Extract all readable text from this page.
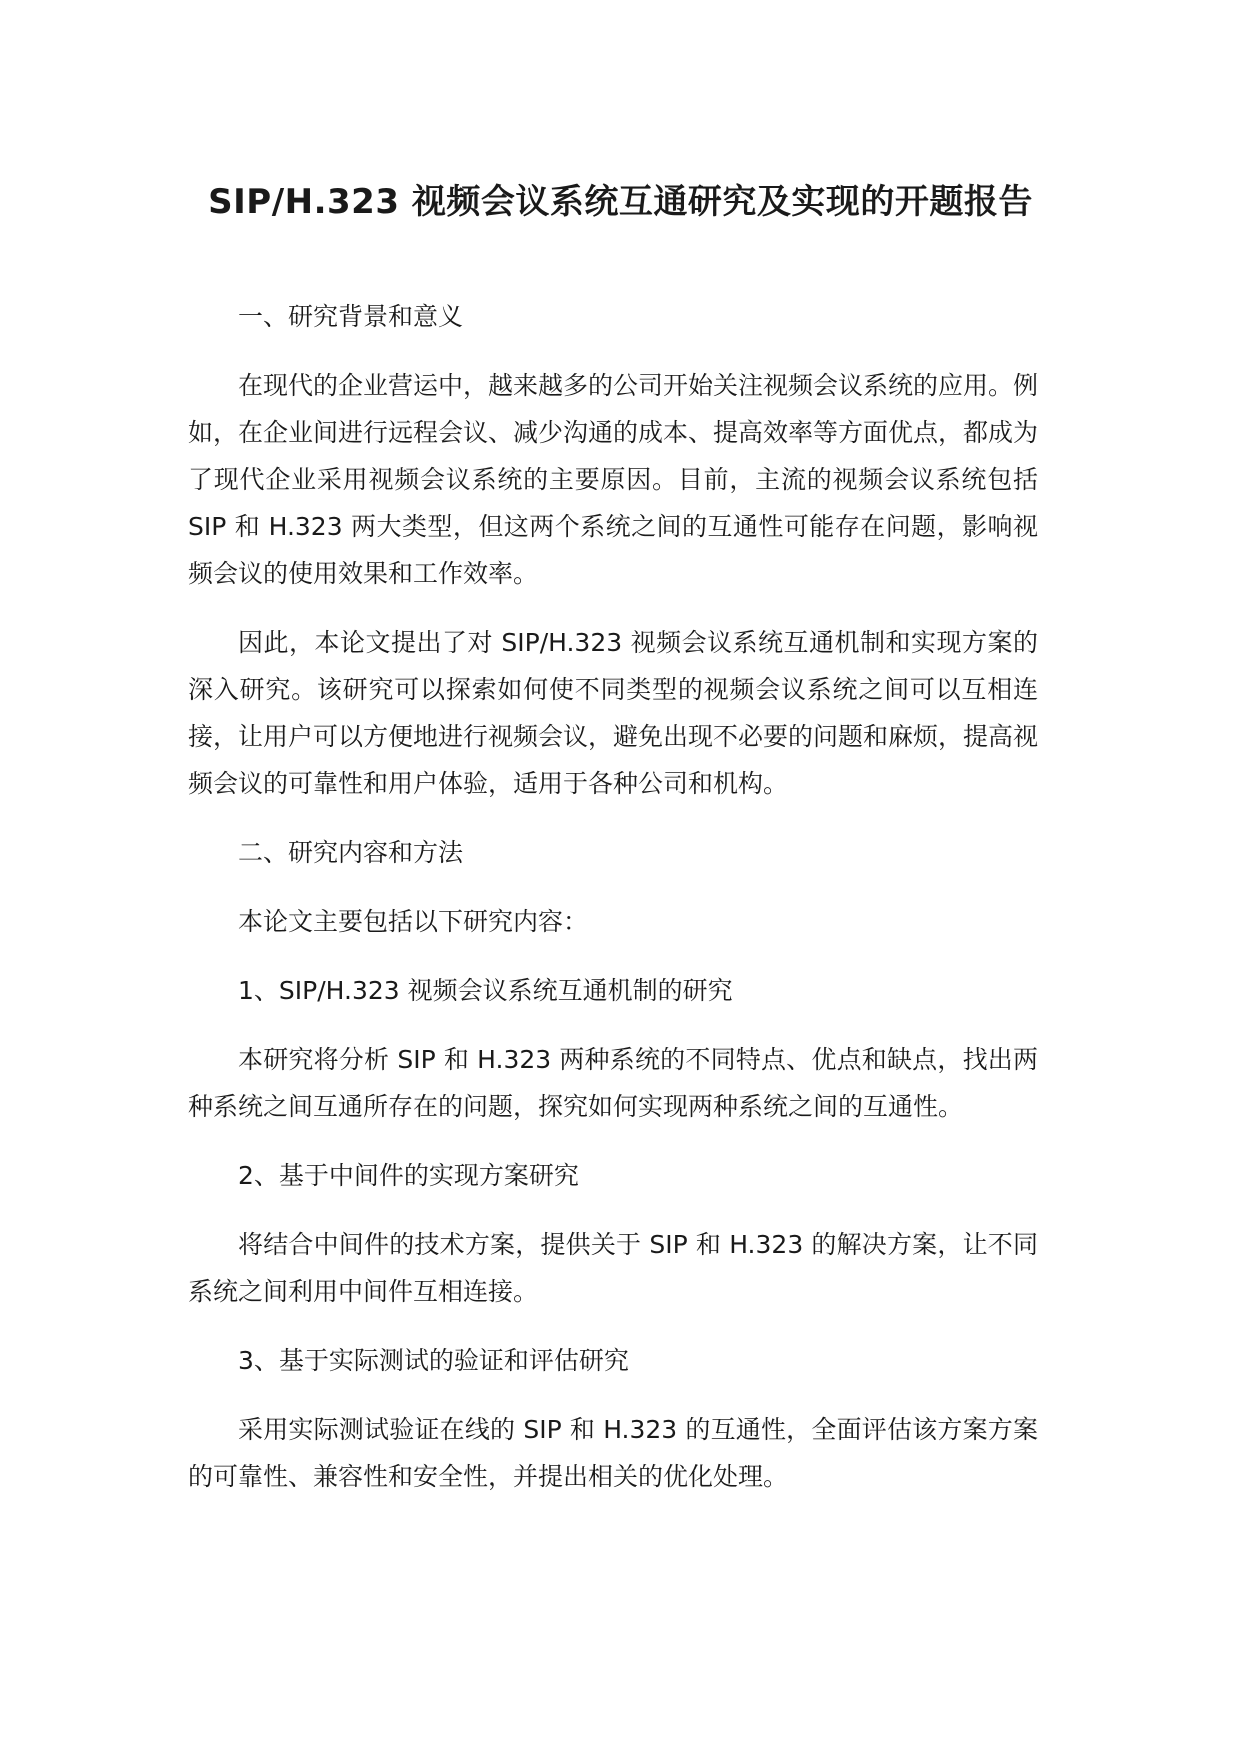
SIP/H.323 视频会议系统互通研究及实现的开题报告

一、研究背景和意义

在现代的企业营运中，越来越多的公司开始关注视频会议系统的应用。例如，在企业间进行远程会议、减少沟通的成本、提高效率等方面优点，都成为了现代企业采用视频会议系统的主要原因。目前，主流的视频会议系统包括 SIP 和 H.323 两大类型，但这两个系统之间的互通性可能存在问题，影响视频会议的使用效果和工作效率。

因此，本论文提出了对 SIP/H.323 视频会议系统互通机制和实现方案的深入研究。该研究可以探索如何使不同类型的视频会议系统之间可以互相连接，让用户可以方便地进行视频会议，避免出现不必要的问题和麻烦，提高视频会议的可靠性和用户体验，适用于各种公司和机构。

二、研究内容和方法

本论文主要包括以下研究内容：

1、SIP/H.323 视频会议系统互通机制的研究

本研究将分析 SIP 和 H.323 两种系统的不同特点、优点和缺点，找出两种系统之间互通所存在的问题，探究如何实现两种系统之间的互通性。

2、基于中间件的实现方案研究

将结合中间件的技术方案，提供关于 SIP 和 H.323 的解决方案，让不同系统之间利用中间件互相连接。

3、基于实际测试的验证和评估研究

采用实际测试验证在线的 SIP 和 H.323 的互通性，全面评估该方案方案的可靠性、兼容性和安全性，并提出相关的优化处理。
